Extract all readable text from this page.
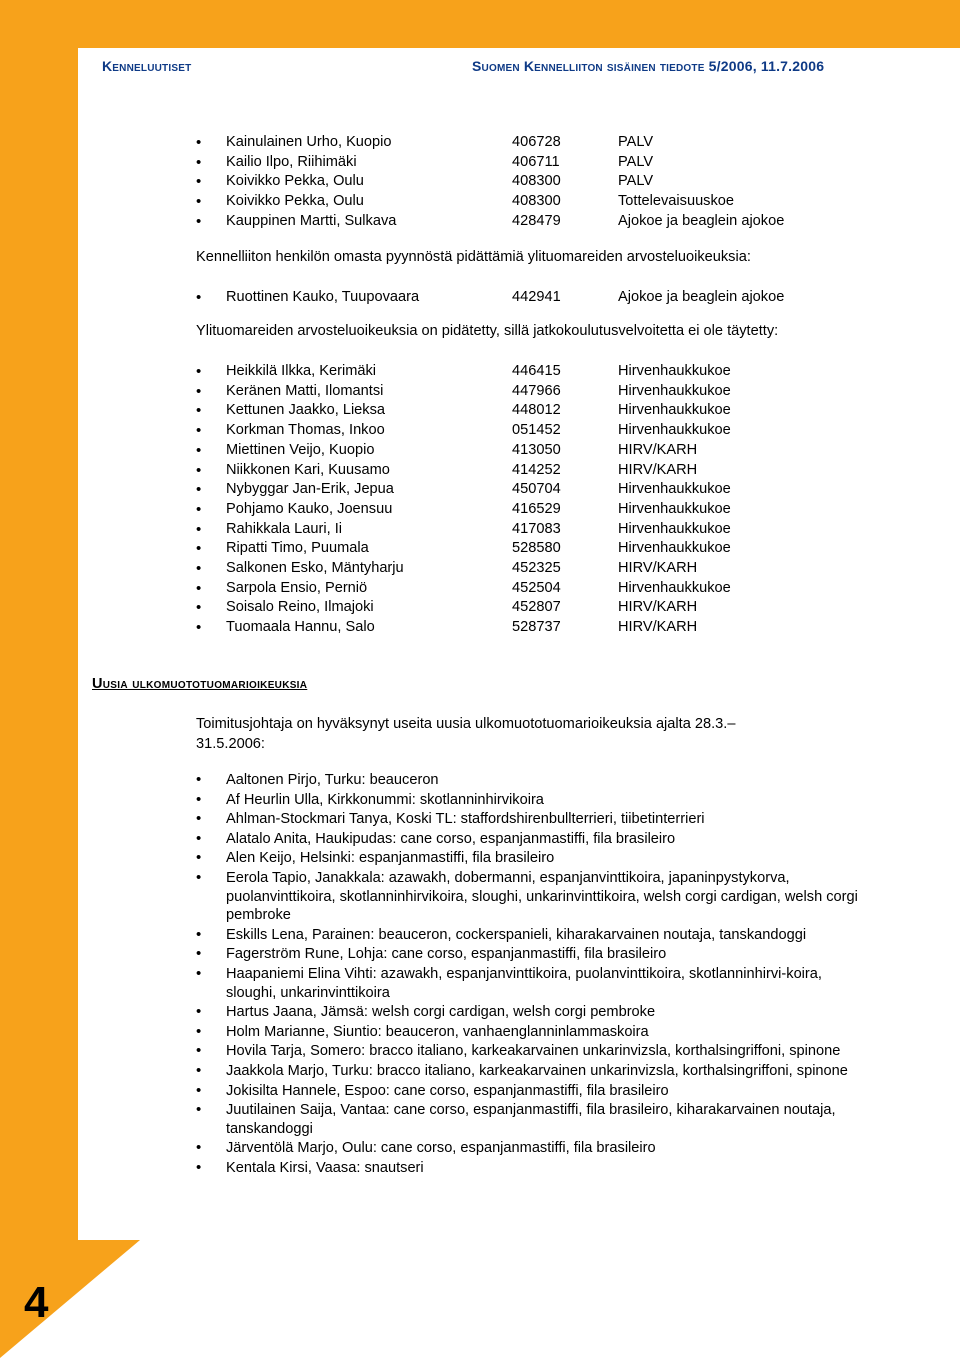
4
Kenneluutiset	Suomen Kennelliiton sisäinen tiedote 5/2006, 11.7.2006
• Kainulainen Urho, Kuopio	406728	PALV
• Kailio Ilpo, Riihimäki	406711	PALV
• Koivikko Pekka, Oulu	408300	PALV
• Koivikko Pekka, Oulu	408300	Tottelevaisuuskoe
• Kauppinen Martti, Sulkava	428479	Ajokoe ja beaglein ajokoe
Kennelliiton henkilön omasta pyynnöstä pidättämiä ylituomareiden arvosteluoikeuksia:
• Ruottinen Kauko, Tuupovaara	442941	Ajokoe ja beaglein ajokoe
Ylituomareiden arvosteluoikeuksia on pidätetty, sillä jatkokoulutusvelvoitetta ei ole täytetty:
• Heikkilä Ilkka, Kerimäki	446415	Hirvenhaukkukoe
• Keränen Matti, Ilomantsi	447966	Hirvenhaukkukoe
• Kettunen Jaakko, Lieksa	448012	Hirvenhaukkukoe
• Korkman Thomas, Inkoo	051452	Hirvenhaukkukoe
• Miettinen Veijo, Kuopio	413050	HIRV/KARH
• Niikkonen Kari, Kuusamo	414252	HIRV/KARH
• Nybyggar Jan-Erik, Jepua	450704	Hirvenhaukkukoe
• Pohjamo Kauko, Joensuu	416529	Hirvenhaukkukoe
• Rahikkala Lauri, Ii	417083	Hirvenhaukkukoe
• Ripatti Timo, Puumala	528580	Hirvenhaukkukoe
• Salkonen Esko, Mäntyharju	452325	HIRV/KARH
• Sarpola Ensio, Perniö	452504	Hirvenhaukkukoe
• Soisalo Reino, Ilmajoki	452807	HIRV/KARH
• Tuomaala Hannu, Salo	528737	HIRV/KARH
Uusia ulkomuototuomarioikeuksia
Toimitusjohtaja on hyväksynyt useita uusia ulkomuototuomarioikeuksia ajalta 28.3.–
31.5.2006:
• Aaltonen Pirjo, Turku: beauceron
• Af Heurlin Ulla, Kirkkonummi: skotlanninhirvikoira
• Ahlman-Stockmari Tanya, Koski TL: staffordshirenbullterrieri, tiibetinterrieri
• Alatalo Anita, Haukipudas: cane corso, espanjanmastiffi, fila brasileiro
• Alen Keijo, Helsinki: espanjanmastiffi, fila brasileiro
• Eerola Tapio, Janakkala: azawakh, dobermanni, espanjanvinttikoira, japaninpystykorva, puolanvinttikoira, skotlanninhirvikoira, sloughi, unkarinvinttikoira, welsh corgi cardigan, welsh corgi pembroke
• Eskills Lena, Parainen: beauceron, cockerspanieli, kiharakarvainen noutaja, tanskandoggi
• Fagerström Rune, Lohja: cane corso, espanjanmastiffi, fila brasileiro
• Haapaniemi Elina Vihti: azawakh, espanjanvinttikoira, puolanvinttikoira, skotlanninhirvi-koira, sloughi, unkarinvinttikoira
• Hartus Jaana, Jämsä: welsh corgi cardigan, welsh corgi pembroke
• Holm Marianne, Siuntio: beauceron, vanhaenglanninlammaskoira
• Hovila Tarja, Somero: bracco italiano, karkeakarvainen unkarinvizsla, korthalsingriffoni, spinone
• Jaakkola Marjo, Turku: bracco italiano, karkeakarvainen unkarinvizsla, korthalsingriffoni, spinone
• Jokisilta Hannele, Espoo: cane corso, espanjanmastiffi, fila brasileiro
• Juutilainen Saija, Vantaa: cane corso, espanjanmastiffi, fila brasileiro, kiharakarvainen noutaja, tanskandoggi
• Järventölä Marjo, Oulu: cane corso, espanjanmastiffi, fila brasileiro
• Kentala Kirsi, Vaasa: snautseri
